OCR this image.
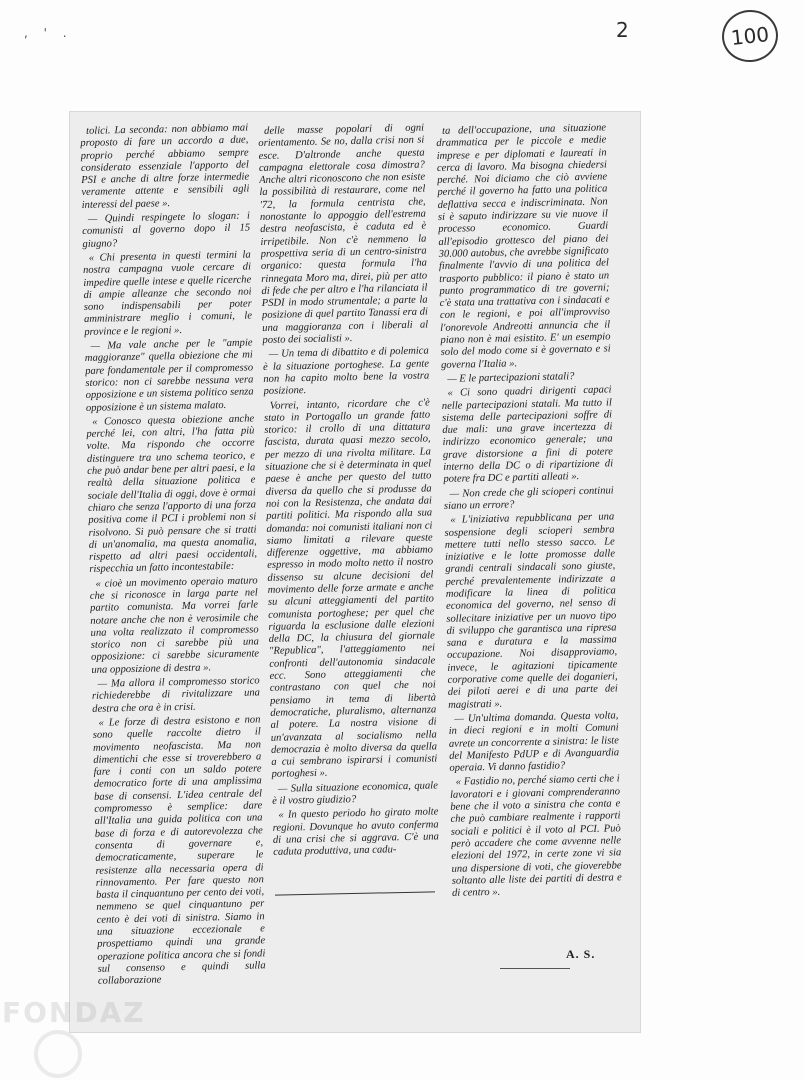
, ' .	2	100

tolici. La seconda: non abbiamo mai proposto di fare un accordo a due, proprio perché abbiamo sempre considerato essenziale l'apporto del PSI e anche di altre forze intermedie veramente attente e sensibili agli interessi del paese ».

— Quindi respingete lo slogan: i comunisti al governo dopo il 15 giugno?

« Chi presenta in questi termini la nostra campagna vuole cercare di impedire quelle intese e quelle ricerche di ampie alleanze che secondo noi sono indispensabili per poter amministrare meglio i comuni, le province e le regioni ».

— Ma vale anche per le "ampie maggioranze" quella obiezione che mi pare fondamentale per il compromesso storico: non ci sarebbe nessuna vera opposizione e un sistema politico senza opposizione è un sistema malato.

« Conosco questa obiezione anche perché lei, con altri, l'ha fatta più volte. Ma rispondo che occorre distinguere tra uno schema teorico, e che può andar bene per altri paesi, e la realtà della situazione politica e sociale dell'Italia di oggi, dove è ormai chiaro che senza l'apporto di una forza positiva come il PCI i problemi non si risolvono. Si può pensare che si tratti di un'anomalia, ma questa anomalia, rispetto ad altri paesi occidentali, rispecchia un fatto incontestabile:

« cioè un movimento operaio maturo che si riconosce in larga parte nel partito comunista. Ma vorrei farle notare anche che non è verosimile che una volta realizzato il compromesso storico non ci sarebbe più una opposizione: ci sarebbe sicuramente una opposizione di destra ».

— Ma allora il compromesso storico richiederebbe di rivitalizzare una destra che ora è in crisi.

« Le forze di destra esistono e non sono quelle raccolte dietro il movimento neofascista. Ma non dimentichi che esse si troverebbero a fare i conti con un saldo potere democratico forte di una amplissima base di consensi. L'idea centrale del compromesso è semplice: dare all'Italia una guida politica con una base di forza e di autorevolezza che consenta di governare e, democraticamente, superare le resistenze alla necessaria opera di rinnovamento. Per fare questo non basta il cinquantuno per cento dei voti, nemmeno se quel cinquantuno per cento è dei voti di sinistra. Siamo in una situazione eccezionale e prospettiamo quindi una grande operazione politica ancora che si fondi sul consenso e quindi sulla collaborazione

delle masse popolari di ogni orientamento. Se no, dalla crisi non si esce. D'altronde anche questa campagna elettorale cosa dimostra? Anche altri riconoscono che non esiste la possibilità di restaurare, come nel '72, la formula centrista che, nonostante lo appoggio dell'estrema destra neofascista, è caduta ed è irripetibile. Non c'è nemmeno la prospettiva seria di un centro-sinistra organico: questa formula l'ha rinnegata Moro ma, direi, più per atto di fede che per altro e l'ha rilanciata il PSDI in modo strumentale; a parte la posizione di quel partito Tanassi era di una maggioranza con i liberali al posto dei socialisti ».

— Un tema di dibattito e di polemica è la situazione portoghese. La gente non ha capito molto bene la vostra posizione.

Vorrei, intanto, ricordare che c'è stato in Portogallo un grande fatto storico: il crollo di una dittatura fascista, durata quasi mezzo secolo, per mezzo di una rivolta militare. La situazione che si è determinata in quel paese è anche per questo del tutto diversa da quello che si produsse da noi con la Resistenza, che andata dai partiti politici. Ma rispondo alla sua domanda: noi comunisti italiani non ci siamo limitati a rilevare queste differenze oggettive, ma abbiamo espresso in modo molto netto il nostro dissenso su alcune decisioni del movimento delle forze armate e anche su alcuni atteggiamenti del partito comunista portoghese; per quel che riguarda la esclusione dalle elezioni della DC, la chiusura del giornale "Republica", l'atteggiamento nei confronti dell'autonomia sindacale ecc. Sono atteggiamenti che contrastano con quel che noi pensiamo in tema di libertà democratiche, pluralismo, alternanza al potere. La nostra visione di un'avanzata al socialismo nella democrazia è molto diversa da quella a cui sembrano ispirarsi i comunisti portoghesi ».

— Sulla situazione economica, quale è il vostro giudizio?

« In questo periodo ho girato molte regioni. Dovunque ho avuto conferma di una crisi che si aggrava. C'è una caduta produttiva, una cadu-

ta dell'occupazione, una situazione drammatica per le piccole e medie imprese e per diplomati e laureati in cerca di lavoro. Ma bisogna chiedersi perché. Noi diciamo che ciò avviene perché il governo ha fatto una politica deflattiva secca e indiscriminata. Non si è saputo indirizzare su vie nuove il processo economico. Guardi all'episodio grottesco del piano dei 30.000 autobus, che avrebbe significato finalmente l'avvio di una politica del trasporto pubblico: il piano è stato un punto programmatico di tre governi; c'è stata una trattativa con i sindacati e con le regioni, e poi all'improvviso l'onorevole Andreotti annuncia che il piano non è mai esistito. E' un esempio solo del modo come si è governato e si governa l'Italia ».

— E le partecipazioni statali?

« Ci sono quadri dirigenti capaci nelle partecipazioni statali. Ma tutto il sistema delle partecipazioni soffre di due mali: una grave incertezza di indirizzo economico generale; una grave distorsione a fini di potere interno della DC o di ripartizione di potere fra DC e partiti alleati ».

— Non crede che gli scioperi continui siano un errore?

« L'iniziativa repubblicana per una sospensione degli scioperi sembra mettere tutti nello stesso sacco. Le iniziative e le lotte promosse dalle grandi centrali sindacali sono giuste, perché prevalentemente indirizzate a modificare la linea di politica economica del governo, nel senso di sollecitare iniziative per un nuovo tipo di sviluppo che garantisca una ripresa sana e duratura e la massima occupazione. Noi disapproviamo, invece, le agitazioni tipicamente corporative come quelle dei doganieri, dei piloti aerei e di una parte dei magistrati ».

— Un'ultima domanda. Questa volta, in dieci regioni e in molti Comuni avrete un concorrente a sinistra: le liste del Manifesto PdUP e di Avanguardia operaia. Vi danno fastidio?

« Fastidio no, perché siamo certi che i lavoratori e i giovani comprenderanno bene che il voto a sinistra che conta e che può cambiare realmente i rapporti sociali e politici è il voto al PCI. Può però accadere che come avvenne nelle elezioni del 1972, in certe zone vi sia una dispersione di voti, che gioverebbe soltanto alle liste dei partiti di destra e di centro ».

A. S.
FONDAZ
